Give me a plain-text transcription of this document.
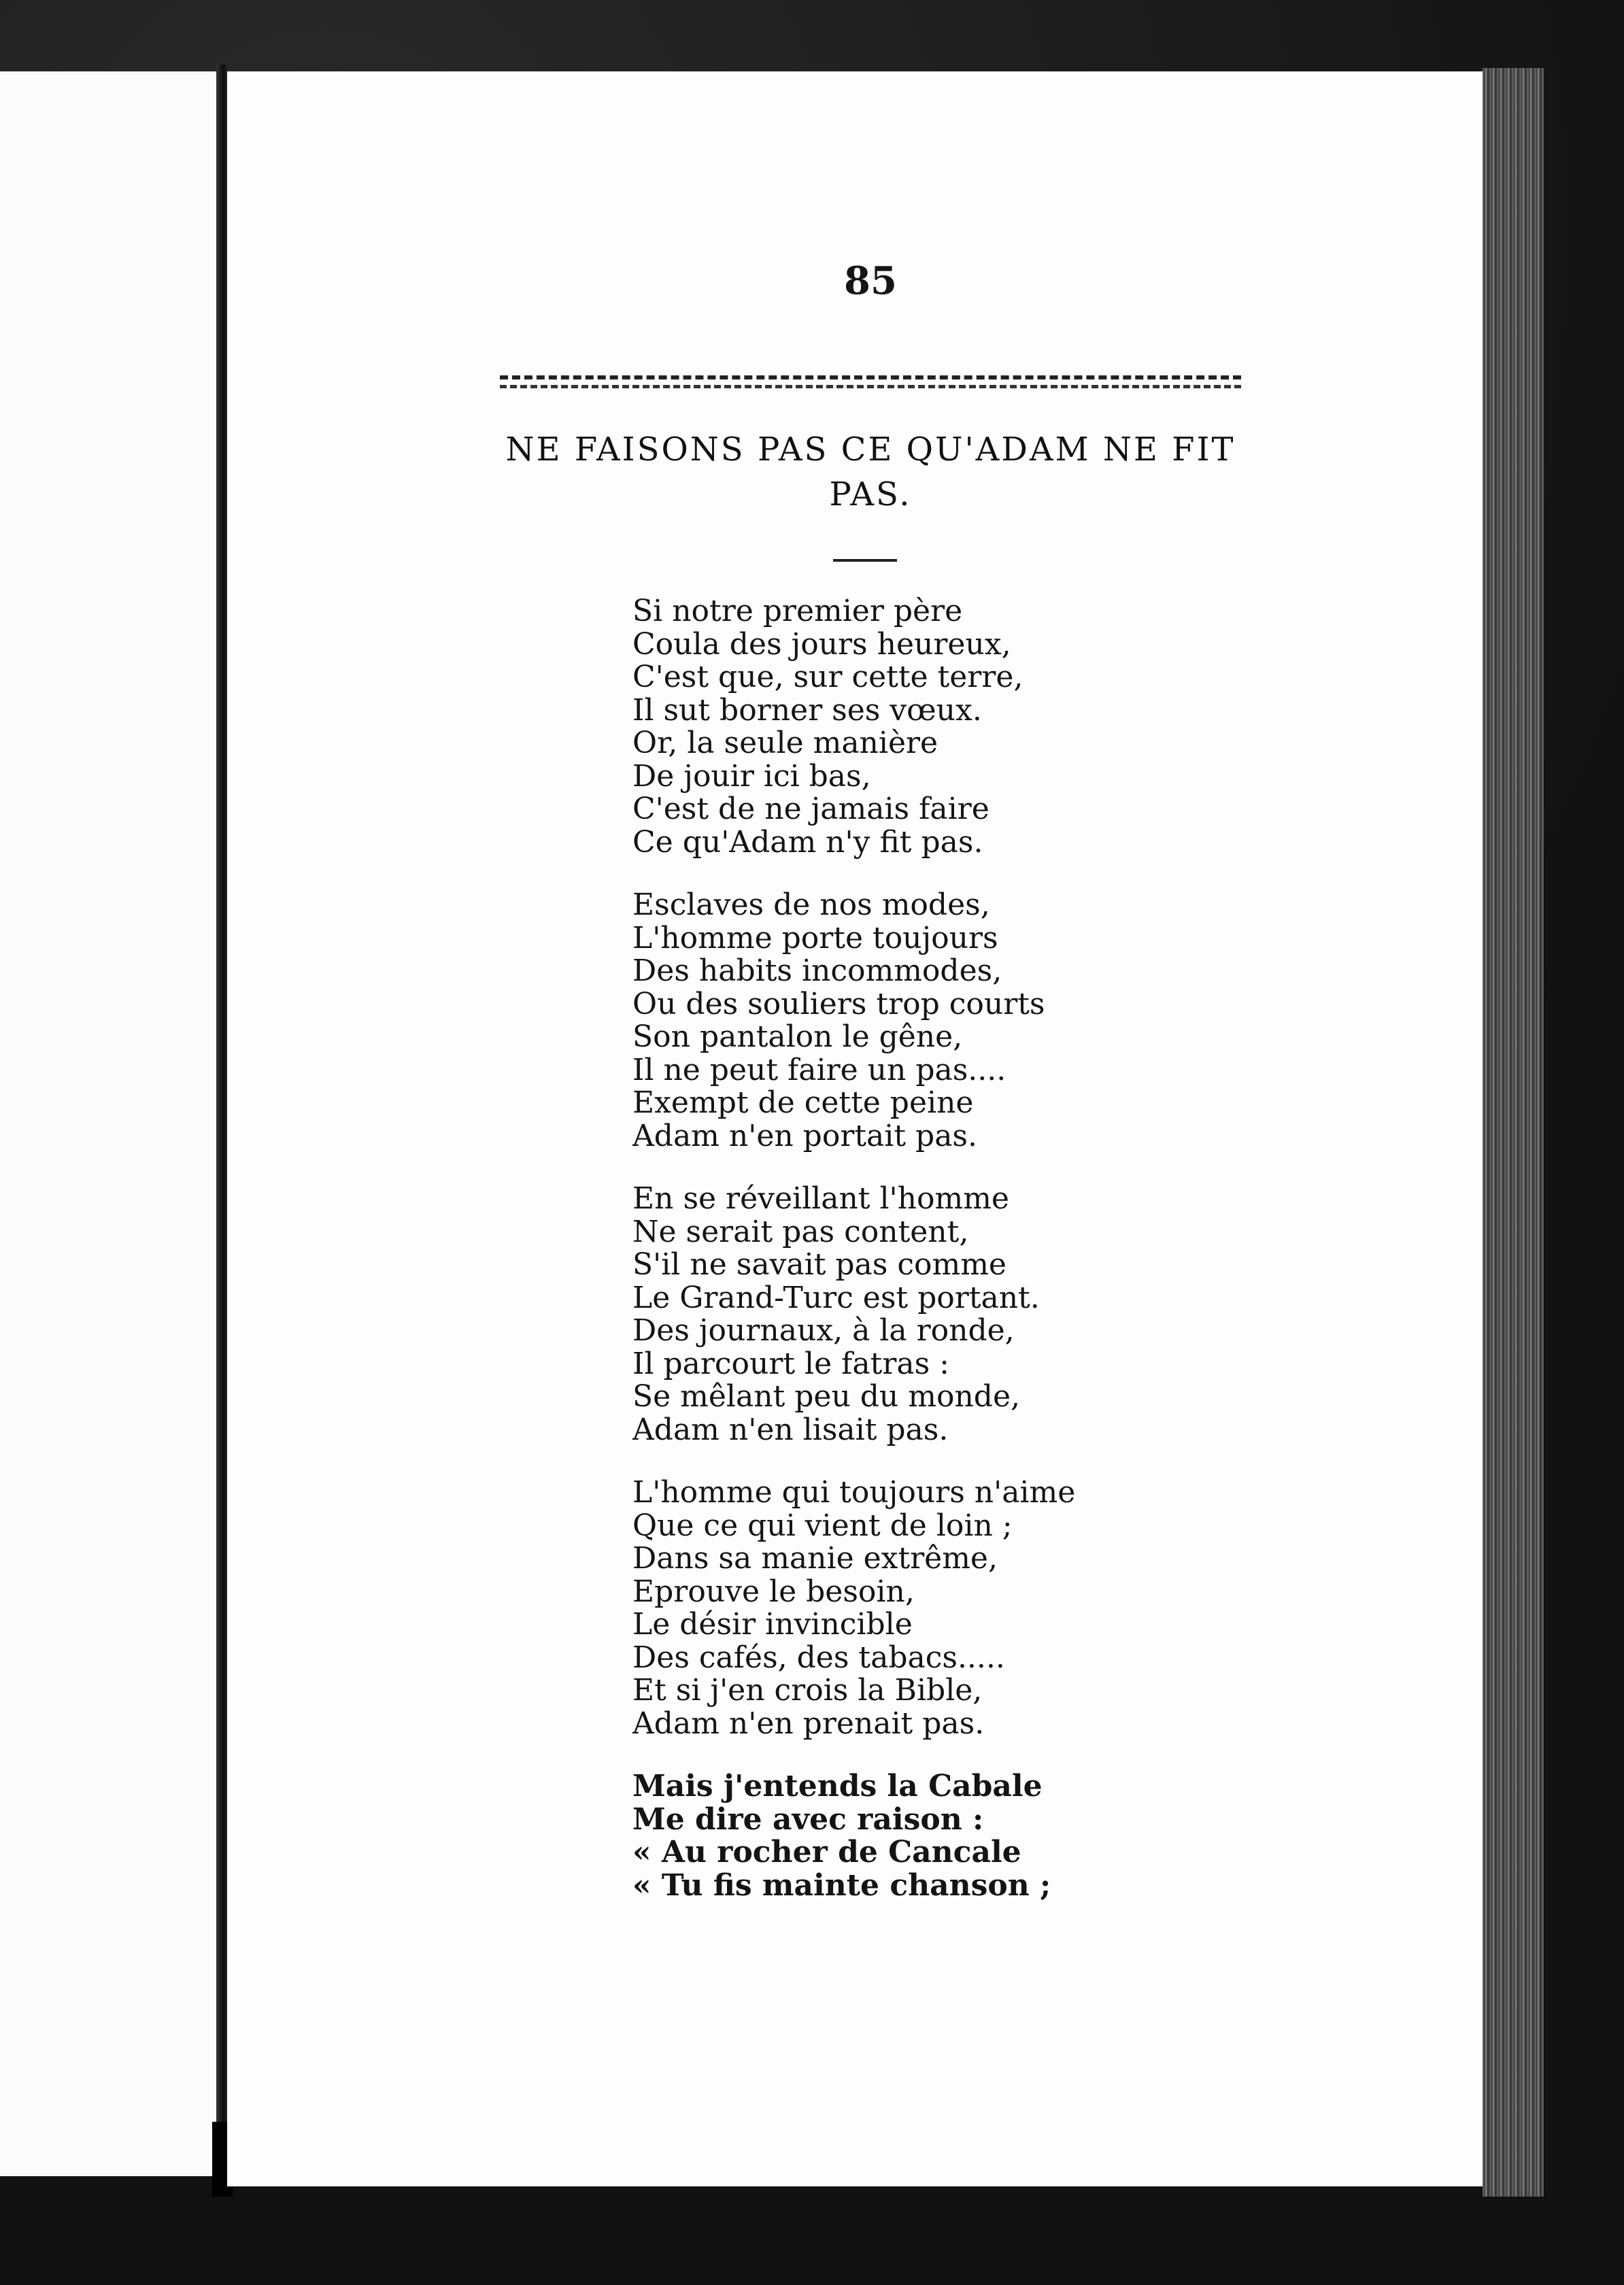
85
NE FAISONS PAS CE QU'ADAM NE FIT PAS.
Si notre premier père
Coula des jours heureux,
C'est que, sur cette terre,
Il sut borner ses vœux.
Or, la seule manière
De jouir ici bas,
C'est de ne jamais faire
Ce qu'Adam n'y fit pas.
Esclaves de nos modes,
L'homme porte toujours
Des habits incommodes,
Ou des souliers trop courts
Son pantalon le gêne,
Il ne peut faire un pas....
Exempt de cette peine
Adam n'en portait pas.
En se réveillant l'homme
Ne serait pas content,
S'il ne savait pas comme
Le Grand-Turc est portant.
Des journaux, à la ronde,
Il parcourt le fatras :
Se mêlant peu du monde,
Adam n'en lisait pas.
L'homme qui toujours n'aime
Que ce qui vient de loin ;
Dans sa manie extrême,
Eprouve le besoin,
Le désir invincible
Des cafés, des tabacs.....
Et si j'en crois la Bible,
Adam n'en prenait pas.
Mais j'entends la Cabale
Me dire avec raison :
« Au rocher de Cancale
« Tu fis mainte chanson ;
